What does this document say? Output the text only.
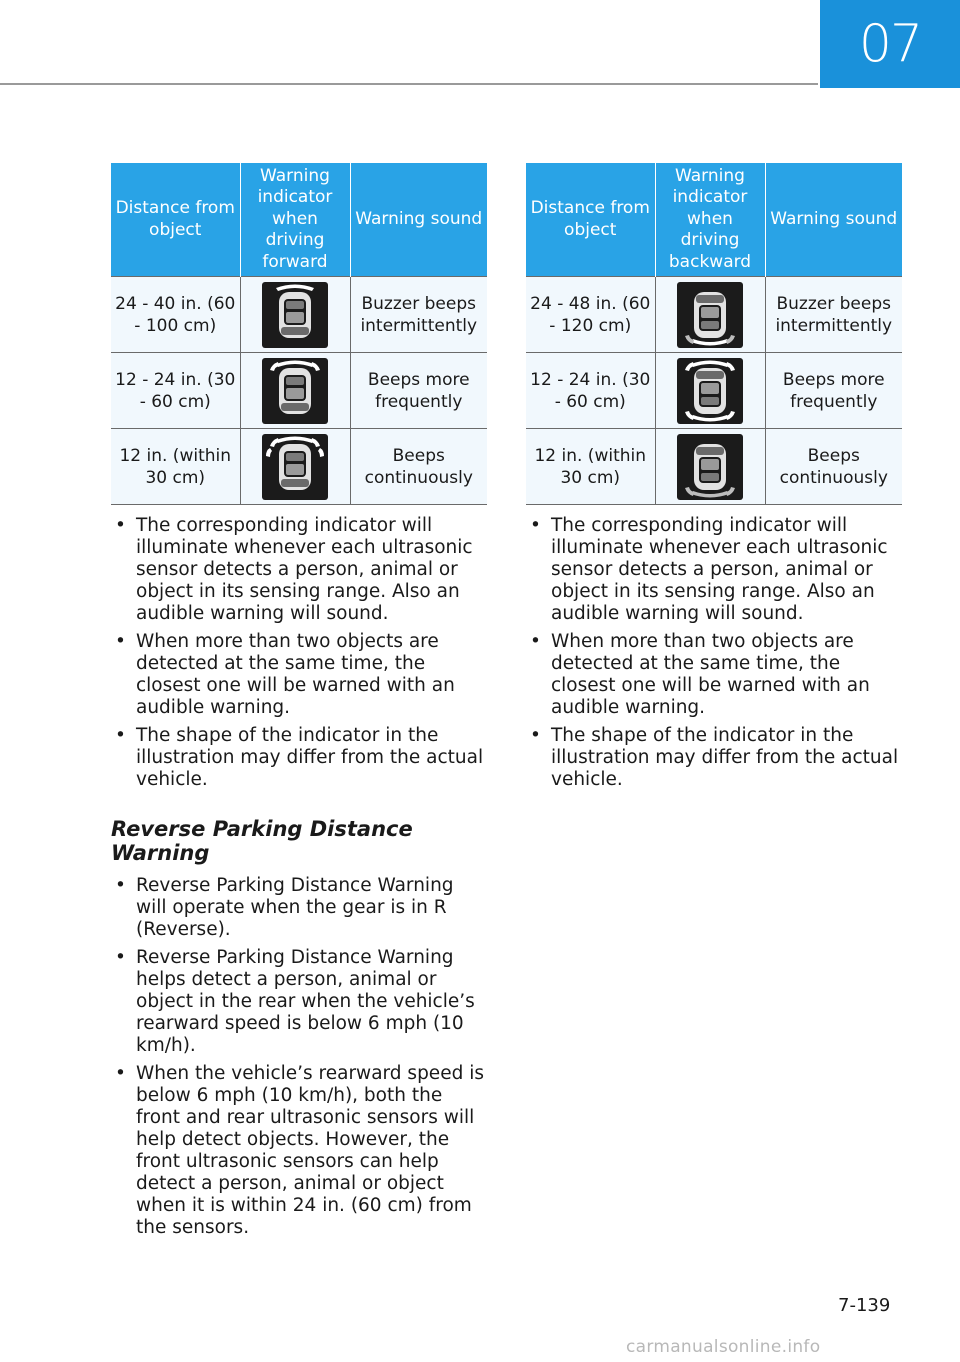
07
Distance from object	Warning indicator when driving forward	Warning sound
24 - 40 in. (60 - 100 cm)		Buzzer beeps intermittently
12 - 24 in. (30 - 60 cm)		Beeps more frequently
12 in. (within 30 cm)		Beeps continuously
• The corresponding indicator will illuminate whenever each ultrasonic sensor detects a person, animal or object in its sensing range. Also an audible warning will sound.
• When more than two objects are detected at the same time, the closest one will be warned with an audible warning.
• The shape of the indicator in the illustration may differ from the actual vehicle.
Reverse Parking Distance Warning
• Reverse Parking Distance Warning will operate when the gear is in R (Reverse).
• Reverse Parking Distance Warning helps detect a person, animal or object in the rear when the vehicle’s rearward speed is below 6 mph (10 km/h).
• When the vehicle’s rearward speed is below 6 mph (10 km/h), both the front and rear ultrasonic sensors will help detect objects. However, the front ultrasonic sensors can help detect a person, animal or object when it is within 24 in. (60 cm) from the sensors.
Distance from object	Warning indicator when driving backward	Warning sound
24 - 48 in. (60 - 120 cm)		Buzzer beeps intermittently
12 - 24 in. (30 - 60 cm)		Beeps more frequently
12 in. (within 30 cm)		Beeps continuously
• The corresponding indicator will illuminate whenever each ultrasonic sensor detects a person, animal or object in its sensing range. Also an audible warning will sound.
• When more than two objects are detected at the same time, the closest one will be warned with an audible warning.
• The shape of the indicator in the illustration may differ from the actual vehicle.
7-139
carmanualsonline.info
